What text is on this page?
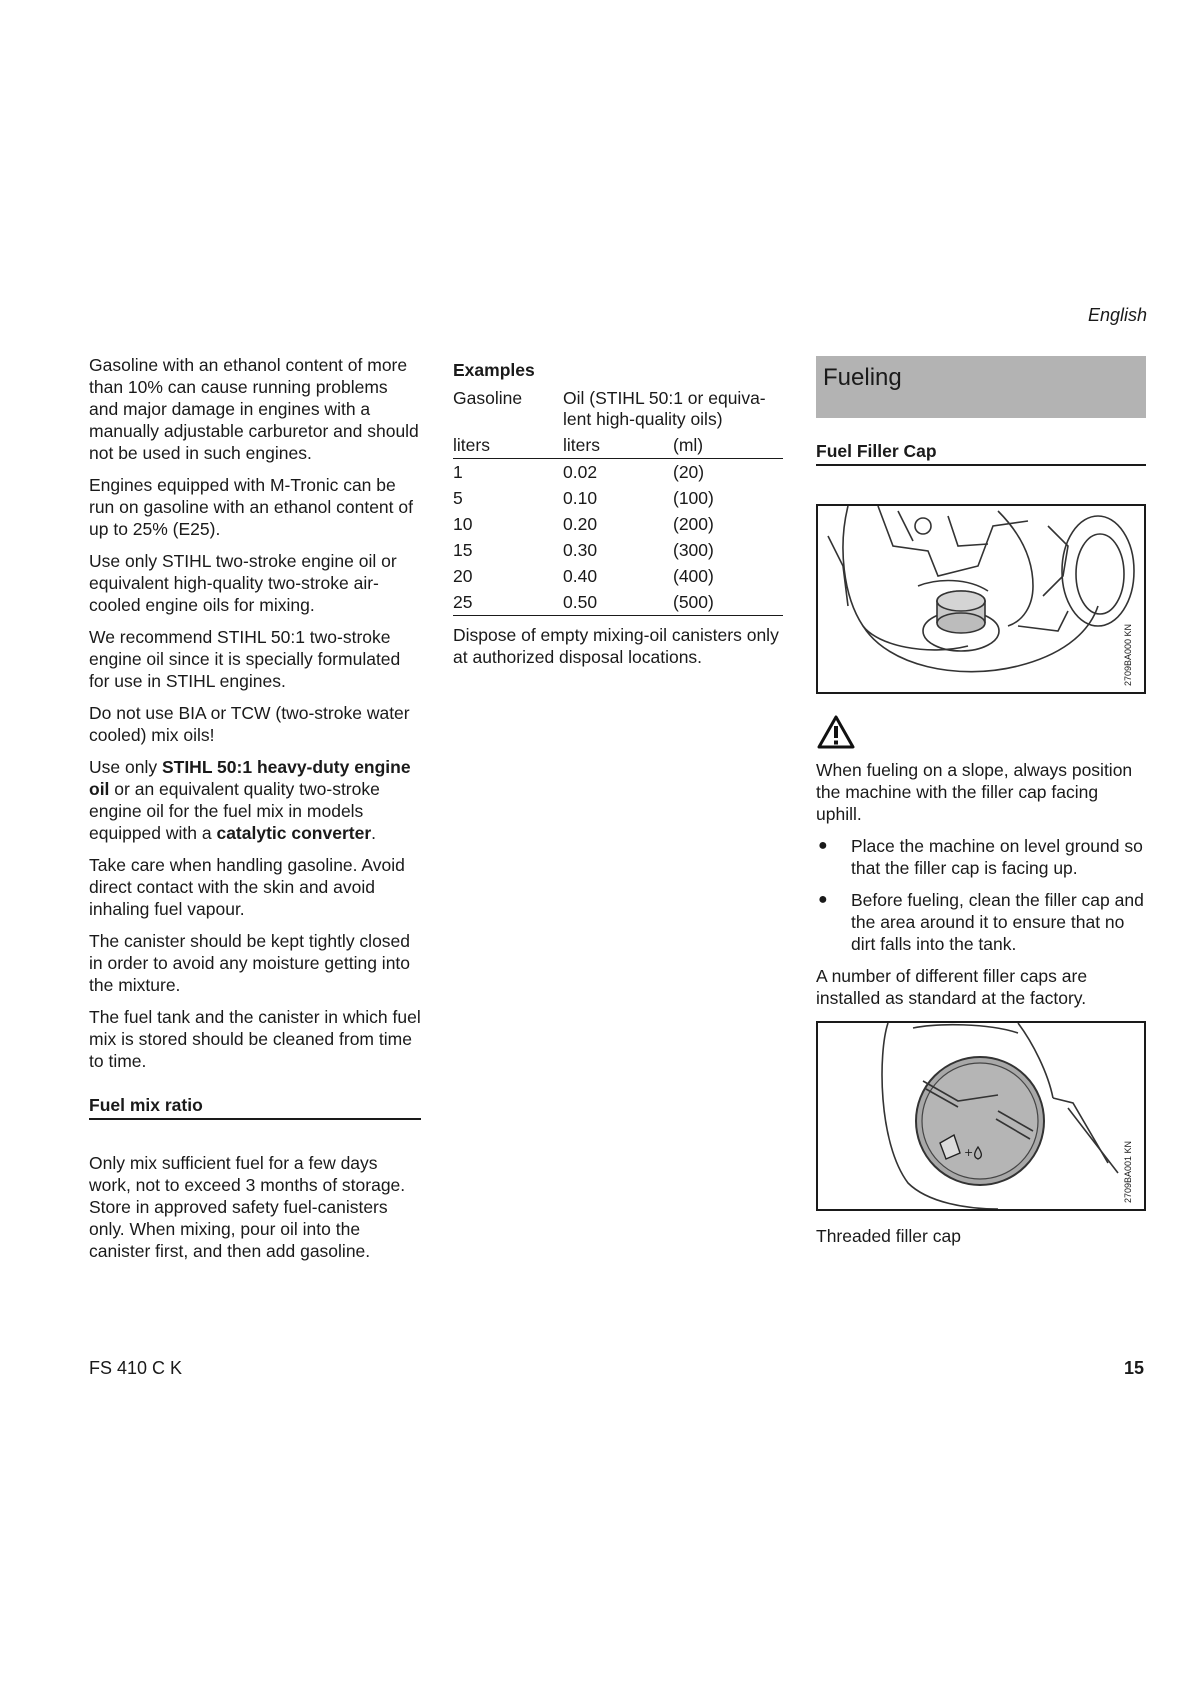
English

Gasoline with an ethanol content of more than 10% can cause running problems and major damage in engines with a manually adjustable carburetor and should not be used in such engines.

Engines equipped with M-Tronic can be run on gasoline with an ethanol content of up to 25% (E25).

Use only STIHL two-stroke engine oil or equivalent high-quality two-stroke air-cooled engine oils for mixing.

We recommend STIHL 50:1 two-stroke engine oil since it is specially formulated for use in STIHL engines.

Do not use BIA or TCW (two-stroke water cooled) mix oils!

Use only STIHL 50:1 heavy-duty engine oil or an equivalent quality two-stroke engine oil for the fuel mix in models equipped with a catalytic converter.

Take care when handling gasoline. Avoid direct contact with the skin and avoid inhaling fuel vapour.

The canister should be kept tightly closed in order to avoid any moisture getting into the mixture.

The fuel tank and the canister in which fuel mix is stored should be cleaned from time to time.

Fuel mix ratio

Only mix sufficient fuel for a few days work, not to exceed 3 months of storage. Store in approved safety fuel-canisters only. When mixing, pour oil into the canister first, and then add gasoline.

Examples
Gasoline	Oil (STIHL 50:1 or equiva-lent high-quality oils)	
liters	liters	(ml)
1	0.02	(20)
5	0.10	(100)
10	0.20	(200)
15	0.30	(300)
20	0.40	(400)
25	0.50	(500)

Dispose of empty mixing-oil canisters only at authorized disposal locations.

Fueling
Fuel Filler Cap
2709BA000 KN

When fueling on a slope, always position the machine with the filler cap facing uphill.

● Place the machine on level ground so that the filler cap is facing up.
● Before fueling, clean the filler cap and the area around it to ensure that no dirt falls into the tank.

A number of different filler caps are installed as standard at the factory.

+	2709BA001 KN

Threaded filler cap

FS 410 C K	15
